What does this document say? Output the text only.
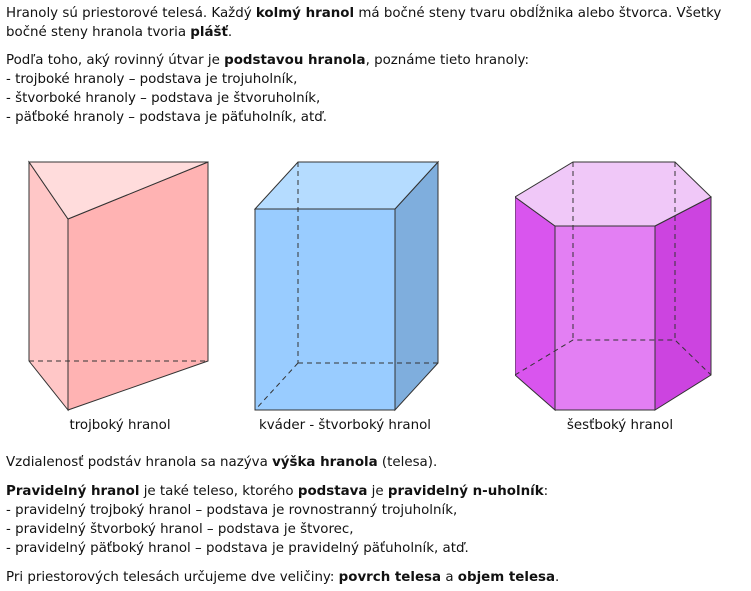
Hranoly sú priestorové telesá. Každý kolmý hranol má bočné steny tvaru obdĺžnika alebo štvorca. Všetky
bočné steny hranola tvoria plášť.

Podľa toho, aký rovinný útvar je podstavou hranola, poznáme tieto hranoly:
- trojboké hranoly – podstava je trojuholník,
- štvorboké hranoly – podstava je štvoruholník,
- päťboké hranoly – podstava je päťuholník, atď.

trojboký hranol	kváder - štvorboký hranol	šesťboký hranol

Vzdialenosť podstáv hranola sa nazýva výška hranola (telesa).

Pravidelný hranol je také teleso, ktorého podstava je pravidelný n-uholník:
- pravidelný trojboký hranol – podstava je rovnostranný trojuholník,
- pravidelný štvorboký hranol – podstava je štvorec,
- pravidelný päťboký hranol – podstava je pravidelný päťuholník, atď.

Pri priestorových telesách určujeme dve veličiny: povrch telesa a objem telesa.
